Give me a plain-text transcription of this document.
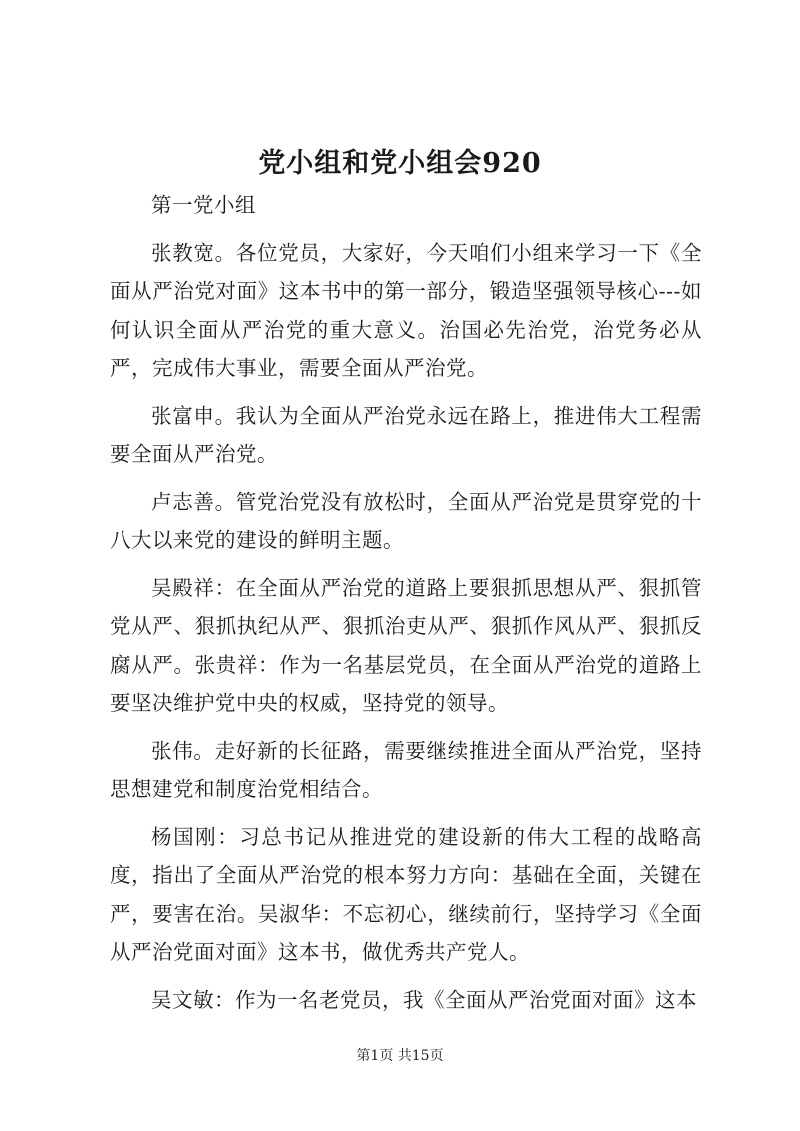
党小组和党小组会920

第一党小组

张教宽。各位党员，大家好，今天咱们小组来学习一下《全面从严治党对面》这本书中的第一部分，锻造坚强领导核心---如何认识全面从严治党的重大意义。治国必先治党，治党务必从严，完成伟大事业，需要全面从严治党。

张富申。我认为全面从严治党永远在路上，推进伟大工程需要全面从严治党。

卢志善。管党治党没有放松时，全面从严治党是贯穿党的十八大以来党的建设的鲜明主题。

吴殿祥：在全面从严治党的道路上要狠抓思想从严、狠抓管党从严、狠抓执纪从严、狠抓治吏从严、狠抓作风从严、狠抓反腐从严。张贵祥：作为一名基层党员，在全面从严治党的道路上要坚决维护党中央的权威，坚持党的领导。

张伟。走好新的长征路，需要继续推进全面从严治党，坚持思想建党和制度治党相结合。

杨国刚：习总书记从推进党的建设新的伟大工程的战略高度，指出了全面从严治党的根本努力方向：基础在全面，关键在严，要害在治。吴淑华：不忘初心，继续前行，坚持学习《全面从严治党面对面》这本书，做优秀共产党人。

吴文敏：作为一名老党员，我《全面从严治党面对面》这本

第1页 共15页
